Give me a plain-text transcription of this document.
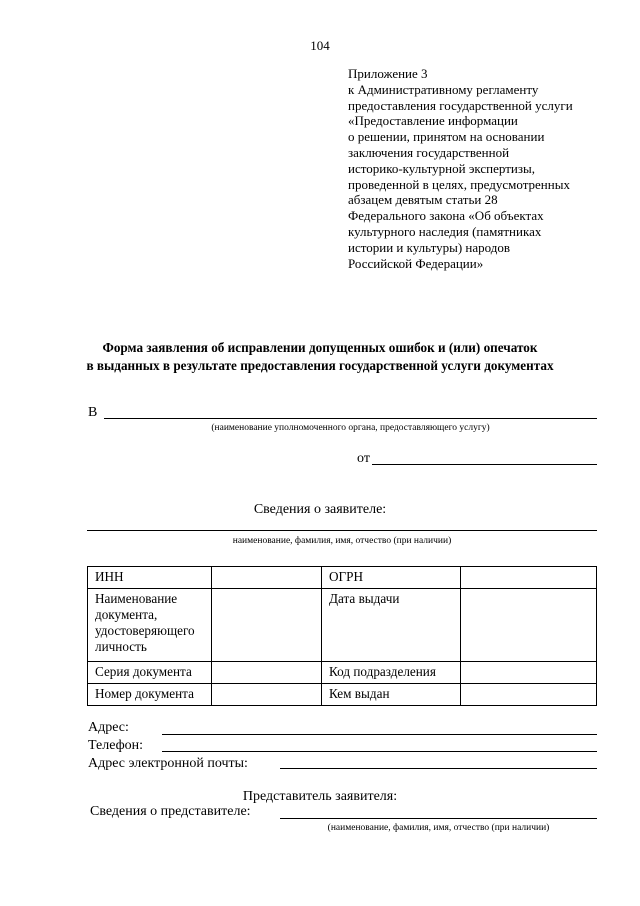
104
Приложение 3
к Административному регламенту
предоставления государственной услуги
«Предоставление информации
о решении, принятом на основании
заключения государственной
историко-культурной экспертизы,
проведенной в целях, предусмотренных
абзацем девятым статьи 28
Федерального закона «Об объектах
культурного наследия (памятниках
истории и культуры) народов
Российской Федерации»
Форма заявления об исправлении допущенных ошибок и (или) опечаток
в выданных в результате предоставления государственной услуги документах
В
(наименование уполномоченного органа, предоставляющего услугу)
от
Сведения о заявителе:
наименование, фамилия, имя, отчество (при наличии)
ИНН		ОГРН	
Наименование
документа,
удостоверяющего
личность		Дата выдачи	
Серия документа		Код подразделения	
Номер документа		Кем выдан	
Адрес:
Телефон:
Адрес электронной почты:
Представитель заявителя:
Сведения о представителе:
(наименование, фамилия, имя, отчество (при наличии)
